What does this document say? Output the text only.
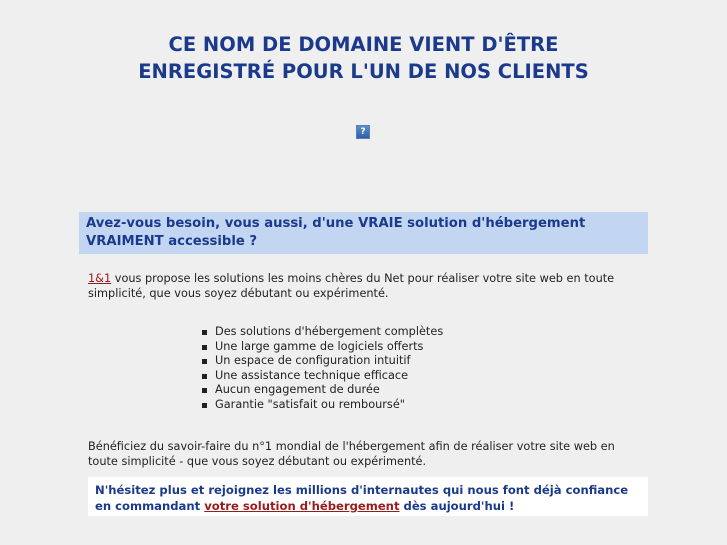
CE NOM DE DOMAINE VIENT D'ÊTRE
ENREGISTRÉ POUR L'UN DE NOS CLIENTS
?
Avez-vous besoin, vous aussi, d'une VRAIE solution d'hébergement
VRAIMENT accessible ?

1&1 vous propose les solutions les moins chères du Net pour réaliser votre site web en toute simplicité, que vous soyez débutant ou expérimenté.

Des solutions d'hébergement complètes
Une large gamme de logiciels offerts
Un espace de configuration intuitif
Une assistance technique efficace
Aucun engagement de durée
Garantie "satisfait ou remboursé"

Bénéficiez du savoir-faire du n°1 mondial de l'hébergement afin de réaliser votre site web en toute simplicité - que vous soyez débutant ou expérimenté.

N'hésitez plus et rejoignez les millions d'internautes qui nous font déjà confiance en commandant votre solution d'hébergement dès aujourd'hui !
